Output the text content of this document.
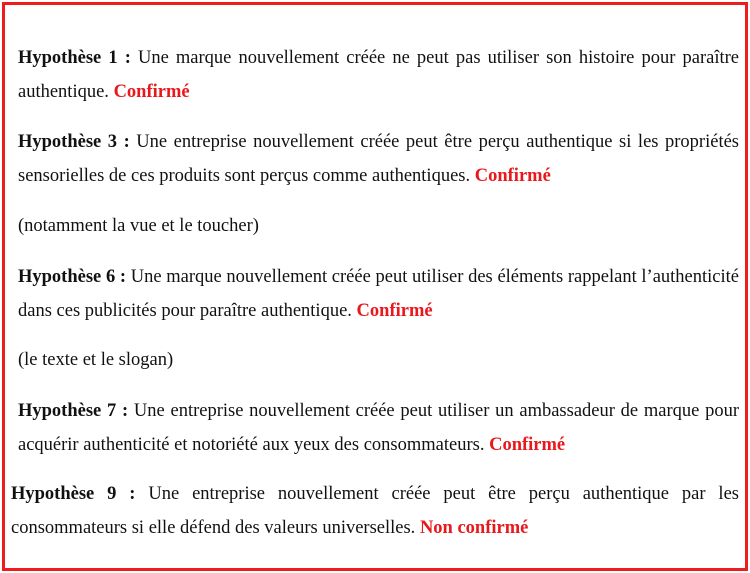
Hypothèse 1 : Une marque nouvellement créée ne peut pas utiliser son histoire pour paraître authentique. Confirmé

Hypothèse 3 : Une entreprise nouvellement créée peut être perçu authentique si les propriétés sensorielles de ces produits sont perçus comme authentiques. Confirmé

(notamment la vue et le toucher)

Hypothèse 6 : Une marque nouvellement créée peut utiliser des éléments rappelant l’authenticité dans ces publicités pour paraître authentique. Confirmé

(le texte et le slogan)

Hypothèse 7 : Une entreprise nouvellement créée peut utiliser un ambassadeur de marque pour acquérir authenticité et notoriété aux yeux des consommateurs. Confirmé

Hypothèse 9 : Une entreprise nouvellement créée peut être perçu authentique par les consommateurs si elle défend des valeurs universelles. Non confirmé
